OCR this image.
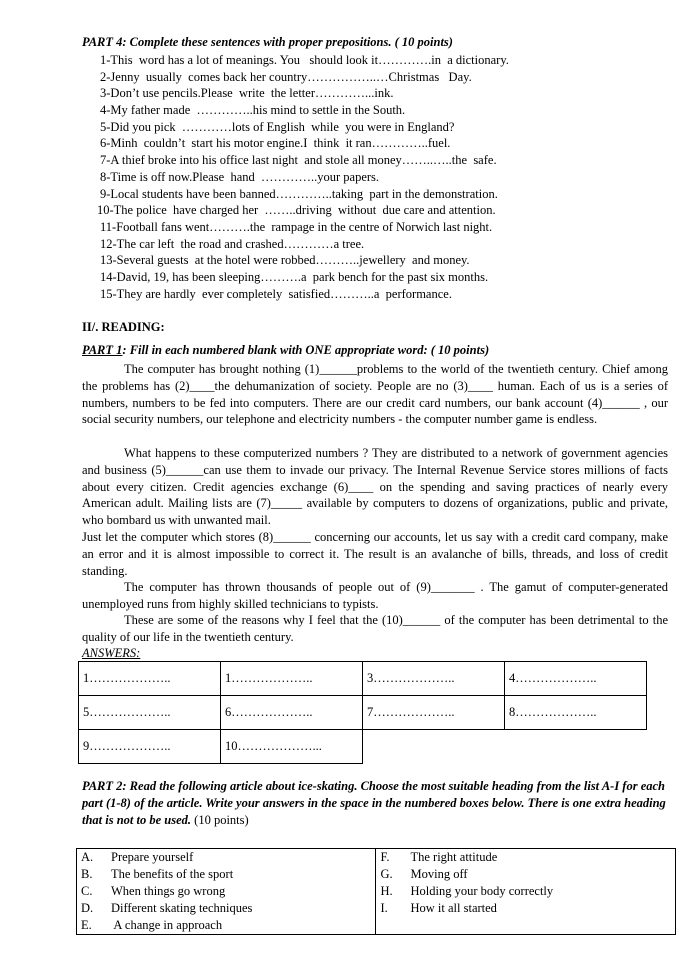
PART 4: Complete these sentences with proper prepositions. ( 10 points)
1-This  word has a lot of meanings. You   should look it………….in  a dictionary.
2-Jenny  usually  comes back her country……………..…Christmas   Day.
3-Don’t use pencils.Please  write  the letter…………...ink.
4-My father made  …………..his mind to settle in the South.
5-Did you pick  …………lots of English  while  you were in England?
6-Minh  couldn’t  start his motor engine.I  think  it ran…………..fuel.
7-A thief broke into his office last night  and stole all money……..…..the  safe.
8-Time is off now.Please  hand  …………..your papers.
9-Local students have been banned…………..taking  part in the demonstration.
10-The police  have charged her  ……..driving  without  due care and attention.
11-Football fans went……….the  rampage in the centre of Norwich last night.
12-The car left  the road and crashed…………a tree.
13-Several guests  at the hotel were robbed………..jewellery  and money.
14-David, 19, has been sleeping……….a  park bench for the past six months.
15-They are hardly  ever completely  satisfied………..a  performance.
II/. READING:
PART 1: Fill in each numbered blank with ONE appropriate word: ( 10 points)

The computer has brought nothing (1)______problems to the world of the twentieth century. Chief among the problems has (2)____the dehumanization of society. People are no (3)____ human. Each of us is a series of numbers, numbers to be fed into computers. There are our credit card numbers, our bank account (4)______ , our social security numbers, our telephone and electricity numbers - the computer number game is endless.

What happens to these computerized numbers ? They are distributed to a network of government agencies and business (5)______can use them to invade our privacy. The Internal Revenue Service stores millions of facts about every citizen. Credit agencies exchange (6)____ on the spending and saving practices of nearly every American adult. Mailing lists are (7)_____ available by computers to dozens of organizations, public and private, who bombard us with unwanted mail.

Just let the computer which stores (8)______ concerning our accounts, let us say with a credit card company, make an error and it is almost impossible to correct it. The result is an avalanche of bills, threads, and loss of credit standing.

The computer has thrown thousands of people out of (9)_______ . The gamut of computer-generated unemployed runs from highly skilled technicians to typists.

These are some of the reasons why I feel that the (10)______ of the computer has been detrimental to the quality of our life in the twentieth century.

ANSWERS:
1………………..	1………………..	3………………..	4………………..
5………………..	6………………..	7………………..	8………………..
9………………..	10………………...		
PART 2: Read the following article about ice-skating. Choose the most suitable heading from the list A-I for each part (1-8) of the article. Write your answers in the space in the numbered boxes below. There is one extra heading that is not to be used. (10 points)
A. Prepare yourself
B. The benefits of the sport
C. When things go wrong
D. Different skating techniques
E. A change in approach

F. The right attitude
G. Moving off
H. Holding your body correctly
I. How it all started
